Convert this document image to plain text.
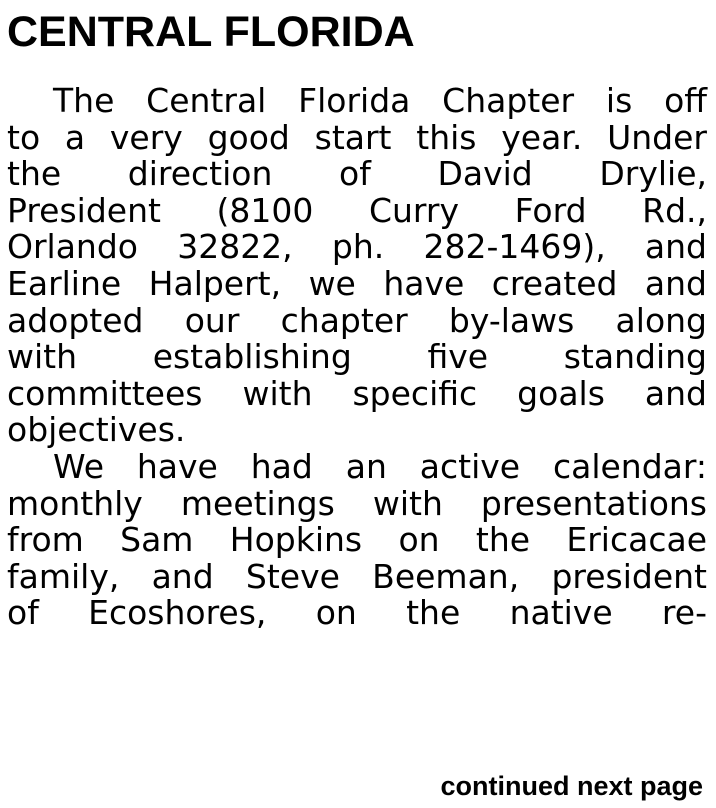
CENTRAL FLORIDA
The Central Florida Chapter is off
to a very good start this year. Under
the direction of David Drylie,
President (8100 Curry Ford Rd.,
Orlando 32822, ph. 282-1469), and
Earline Halpert, we have created and
adopted our chapter by-laws along
with establishing five standing
committees with specific goals and
objectives.
We have had an active calendar:
monthly meetings with presentations
from Sam Hopkins on the Ericacae
family, and Steve Beeman, president
of Ecoshores, on the native re-

continued next page
